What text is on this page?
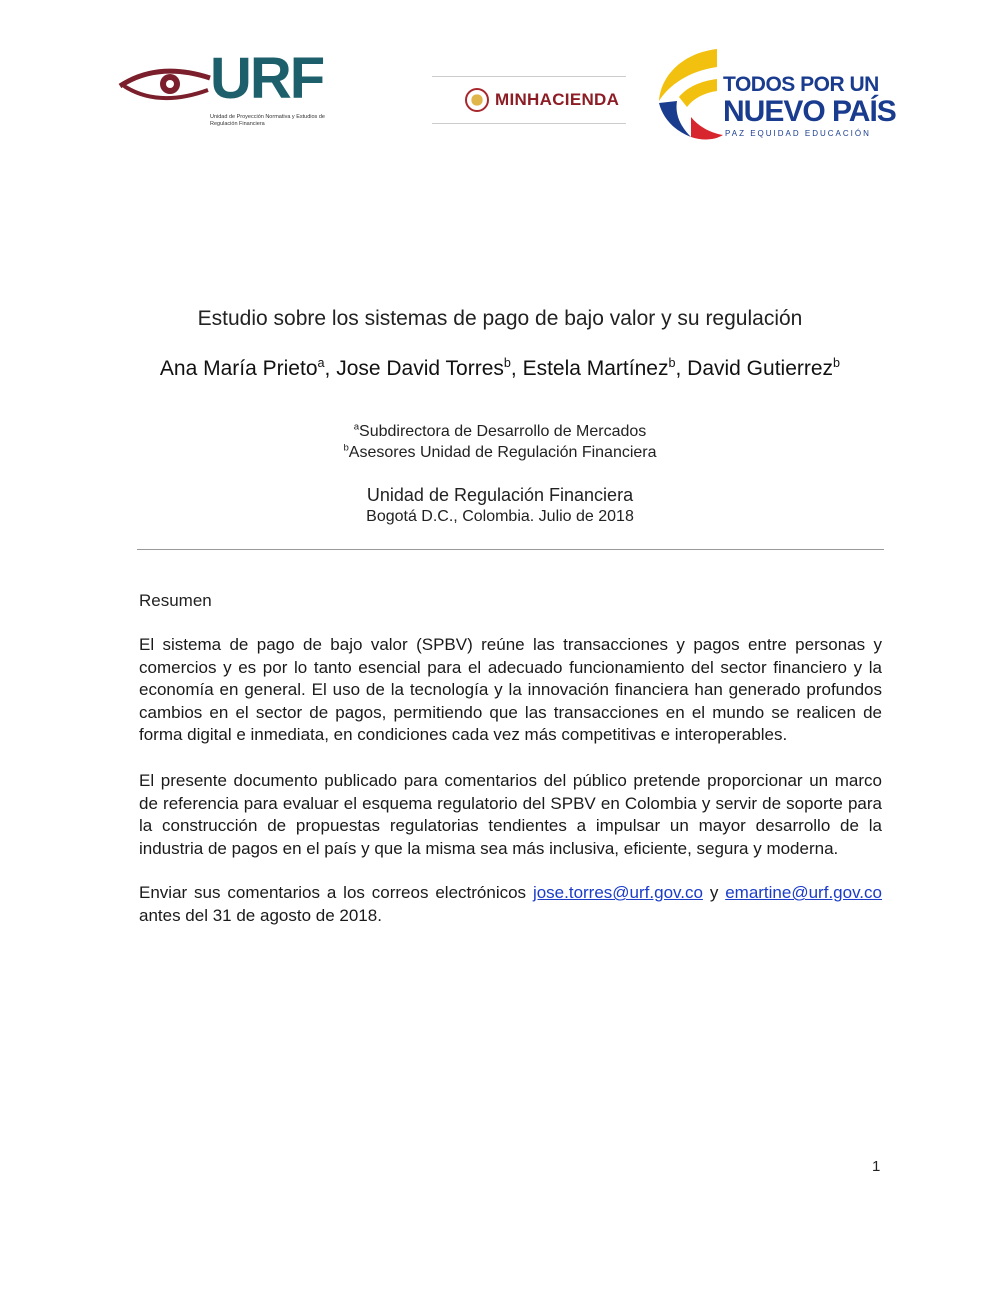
URF
Unidad de Proyección Normativa y Estudios de Regulación Financiera
MINHACIENDA
TODOS POR UN
NUEVO PAÍS
PAZ EQUIDAD EDUCACIÓN
Estudio sobre los sistemas de pago de bajo valor y su regulación
Ana María Prieto$^a$, Jose David Torres$^b$, Estela Martínez$^b$, David Gutierrez$^b$
$^a$Subdirectora de Desarrollo de Mercados
$^b$Asesores Unidad de Regulación Financiera
Unidad de Regulación Financiera
Bogotá D.C., Colombia. Julio de 2018
Resumen
El sistema de pago de bajo valor (SPBV) reúne las transacciones y pagos entre personas y comercios y es por lo tanto esencial para el adecuado funcionamiento del sector financiero y la economía en general. El uso de la tecnología y la innovación financiera han generado profundos cambios en el sector de pagos, permitiendo que las transacciones en el mundo se realicen de forma digital e inmediata, en condiciones cada vez más competitivas e interoperables.
El presente documento publicado para comentarios del público pretende proporcionar un marco de referencia para evaluar el esquema regulatorio del SPBV en Colombia y servir de soporte para la construcción de propuestas regulatorias tendientes a impulsar un mayor desarrollo de la industria de pagos en el país y que la misma sea más inclusiva, eficiente, segura y moderna.
Enviar sus comentarios a los correos electrónicos jose.torres@urf.gov.co y emartine@urf.gov.co antes del 31 de agosto de 2018.
1
